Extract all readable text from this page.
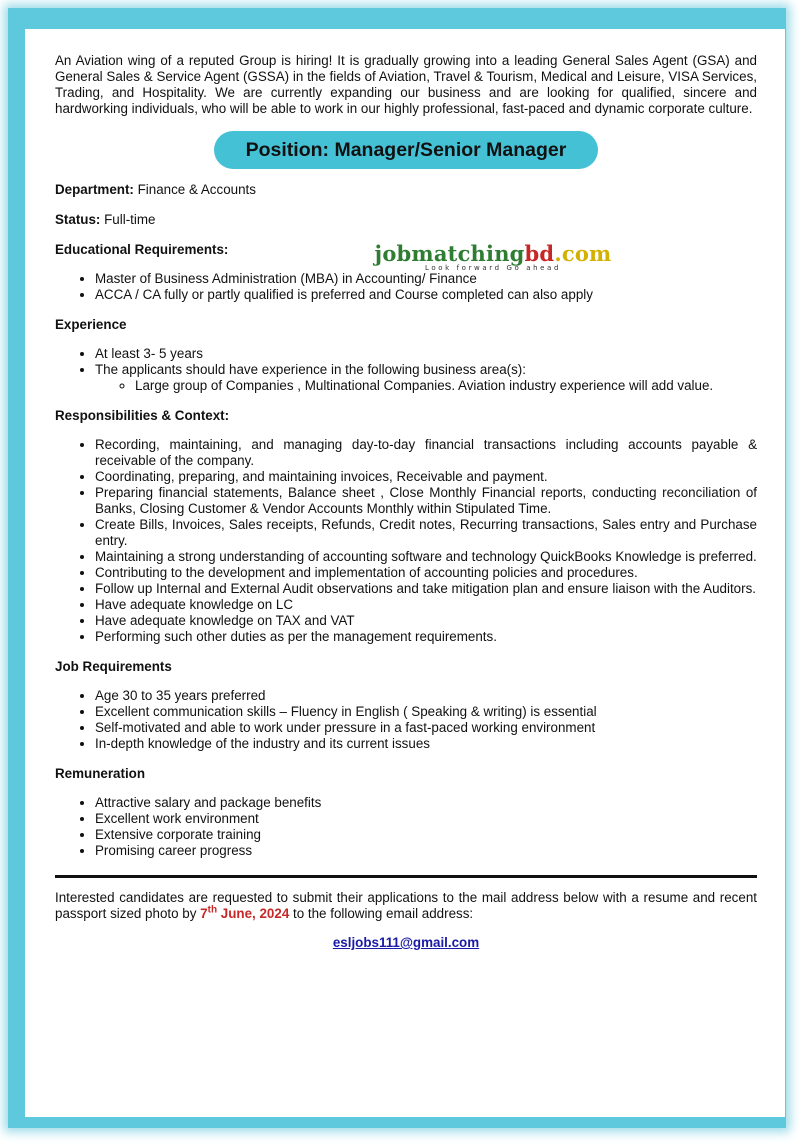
An Aviation wing of a reputed Group is hiring! It is gradually growing into a leading General Sales Agent (GSA) and General Sales & Service Agent (GSSA) in the fields of Aviation, Travel & Tourism, Medical and Leisure, VISA Services, Trading, and Hospitality. We are currently expanding our business and are looking for qualified, sincere and hardworking individuals, who will be able to work in our highly professional, fast-paced and dynamic corporate culture.

Position: Manager/Senior Manager

Department: Finance & Accounts

Status: Full-time

jobmatchingbd.com
Look forward Go ahead
Educational Requirements:
• Master of Business Administration (MBA) in Accounting/ Finance
• ACCA / CA fully or partly qualified is preferred and Course completed can also apply
Experience
• At least 3- 5 years
• The applicants should have experience in the following business area(s):
◦ Large group of Companies , Multinational Companies. Aviation industry experience will add value.
Responsibilities & Context:
• Recording, maintaining, and managing day-to-day financial transactions including accounts payable & receivable of the company.
• Coordinating, preparing, and maintaining invoices, Receivable and payment.
• Preparing financial statements, Balance sheet , Close Monthly Financial reports, conducting reconciliation of Banks, Closing Customer & Vendor Accounts Monthly within Stipulated Time.
• Create Bills, Invoices, Sales receipts, Refunds, Credit notes, Recurring transactions, Sales entry and Purchase entry.
• Maintaining a strong understanding of accounting software and technology QuickBooks Knowledge is preferred.
• Contributing to the development and implementation of accounting policies and procedures.
• Follow up Internal and External Audit observations and take mitigation plan and ensure liaison with the Auditors.
• Have adequate knowledge on LC
• Have adequate knowledge on TAX and VAT
• Performing such other duties as per the management requirements.
Job Requirements
• Age 30 to 35 years preferred
• Excellent communication skills – Fluency in English ( Speaking & writing) is essential
• Self-motivated and able to work under pressure in a fast-paced working environment
• In-depth knowledge of the industry and its current issues
Remuneration
• Attractive salary and package benefits
• Excellent work environment
• Extensive corporate training
• Promising career progress

Interested candidates are requested to submit their applications to the mail address below with a resume and recent passport sized photo by 7th June, 2024 to the following email address:

esljobs111@gmail.com
